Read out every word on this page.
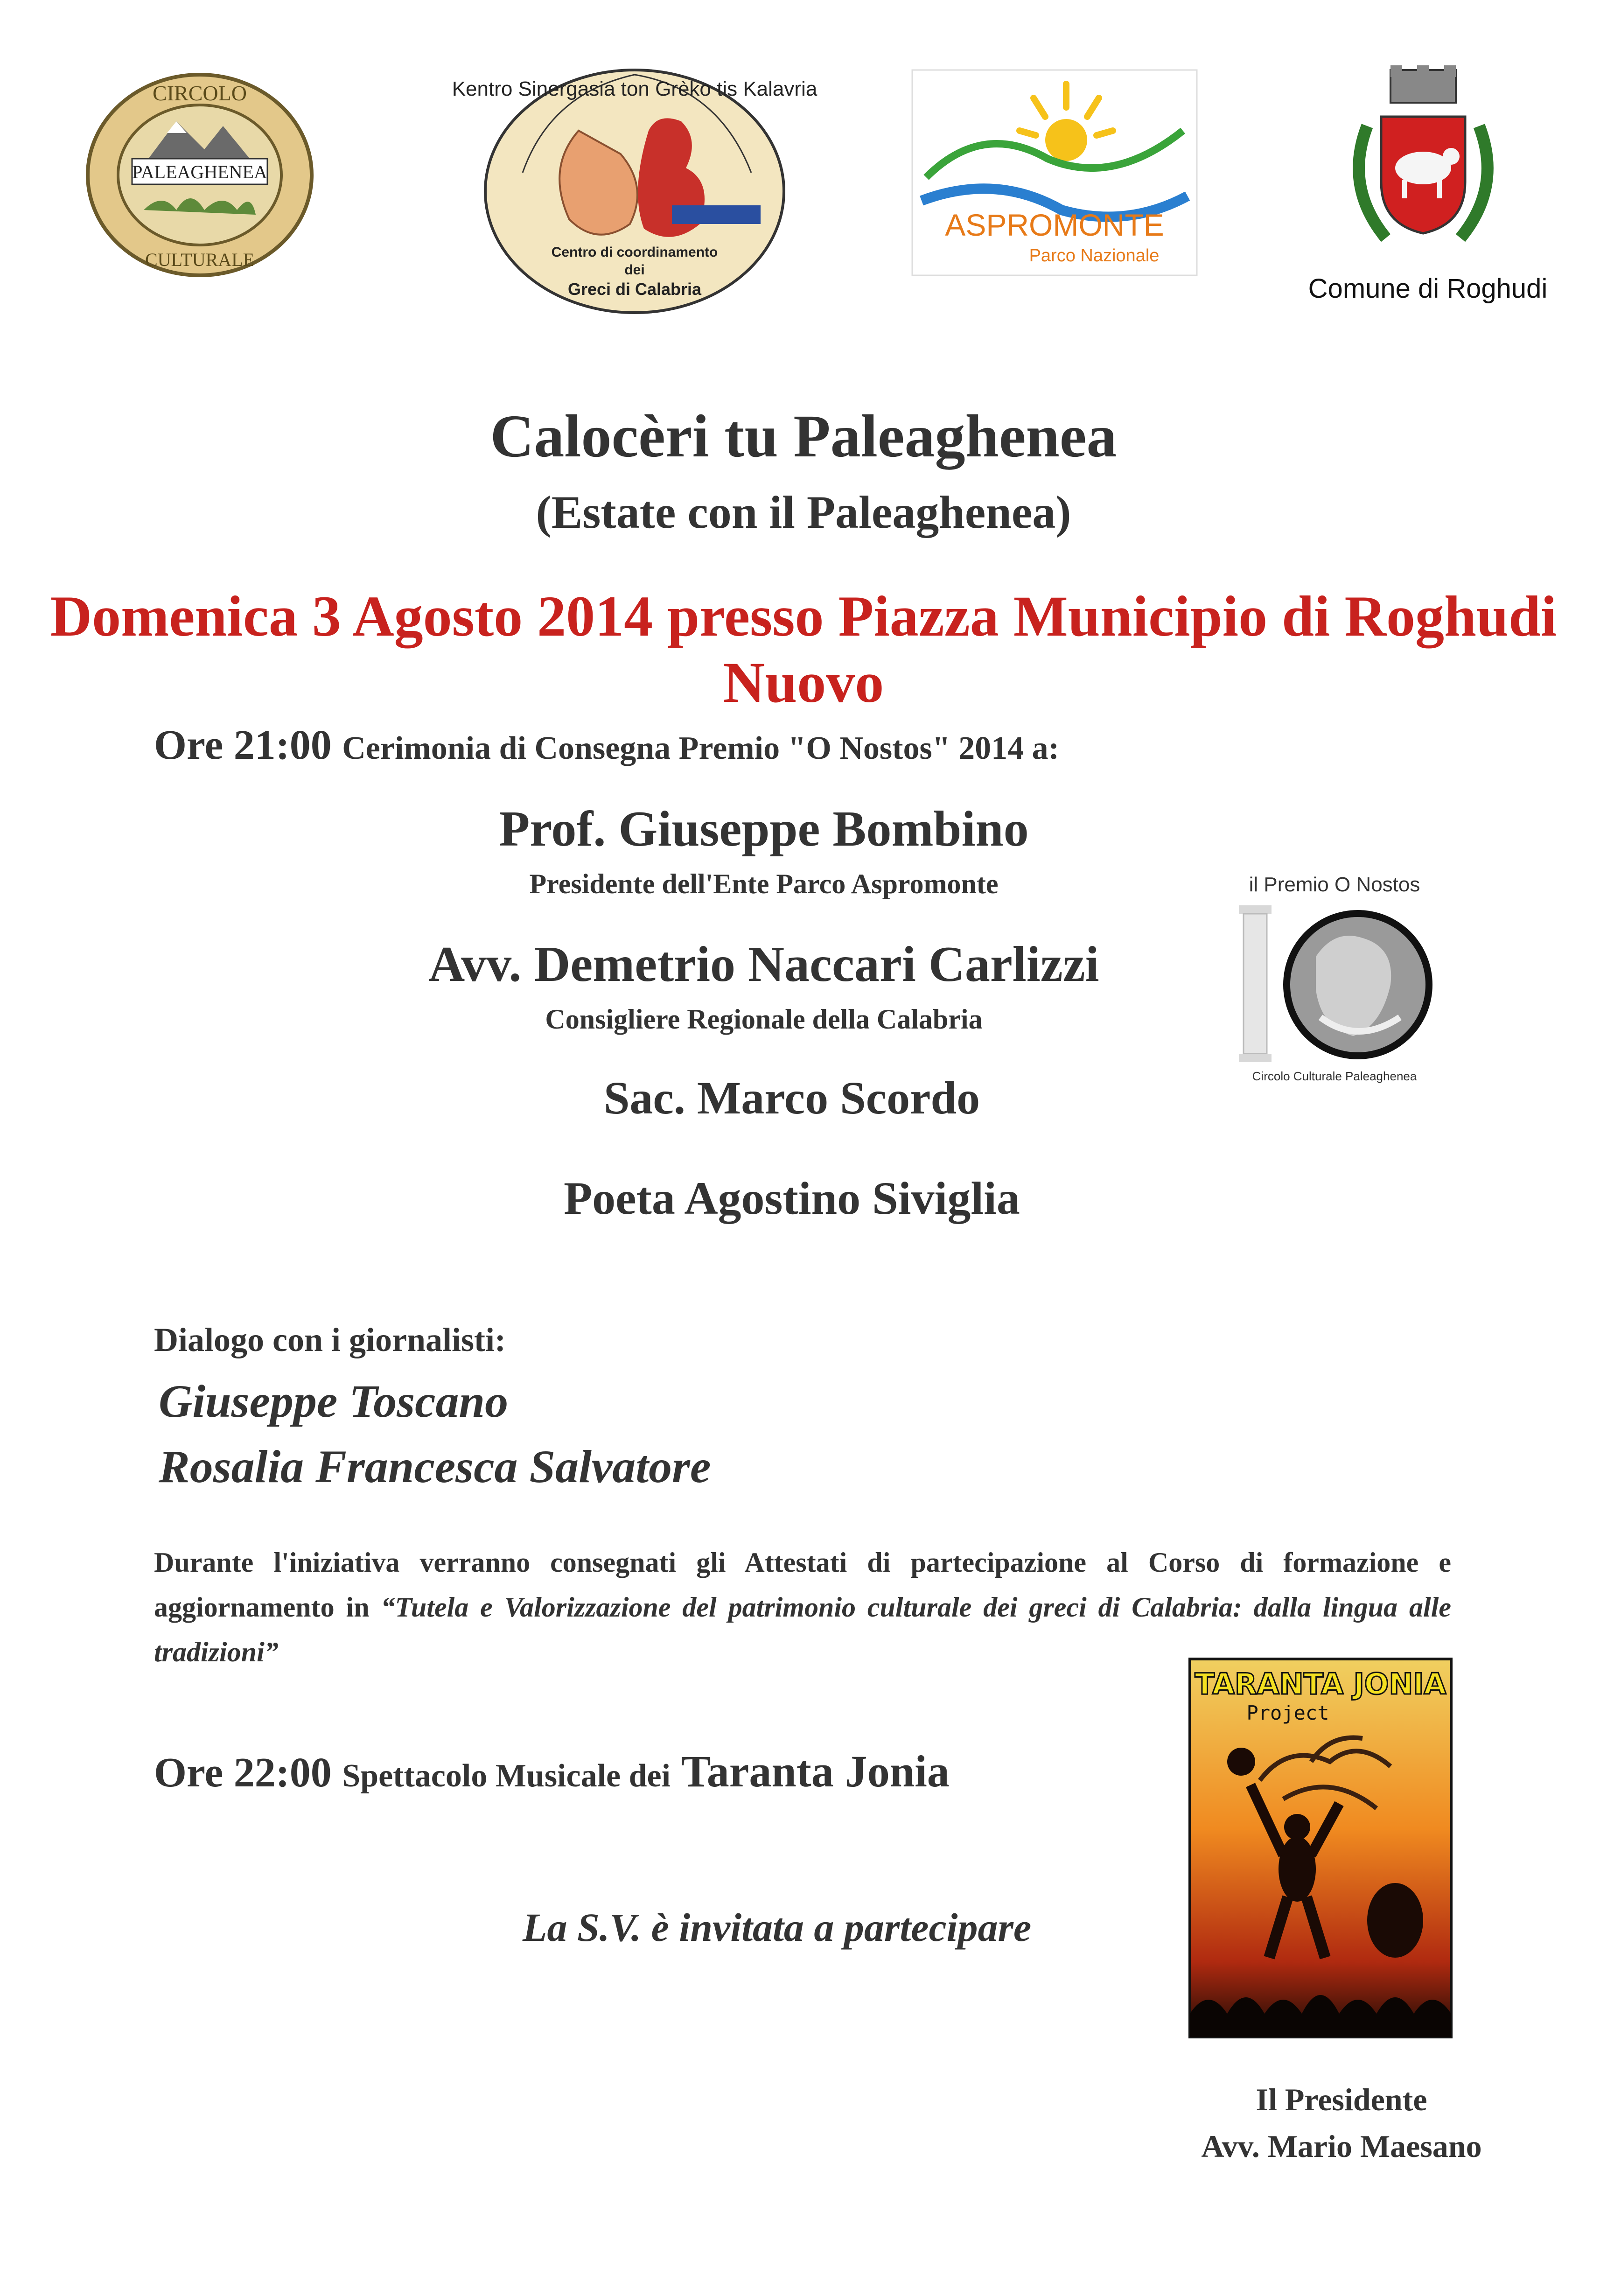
PALEAGHENEA
CIRCOLO
CULTURALE
Kentro Sinergasia ton Grèko tis Kalavria
Centro di coordinamento
dei
Greci di Calabria
ASPROMONTE
Parco Nazionale
Comune di Roghudi
Calocèri tu Paleaghenea
(Estate con il Paleaghenea)
Domenica 3 Agosto 2014 presso Piazza Municipio di Roghudi Nuovo
Ore 21:00 Cerimonia di Consegna Premio "O Nostos" 2014 a:
Prof. Giuseppe Bombino
Presidente dell'Ente Parco Aspromonte
Avv. Demetrio Naccari Carlizzi
Consigliere Regionale della Calabria
Sac. Marco Scordo
Poeta Agostino Siviglia
il Premio O Nostos
Circolo Culturale Paleaghenea
Dialogo con i giornalisti:
Giuseppe Toscano
Rosalia Francesca Salvatore
Durante l'iniziativa verranno consegnati gli Attestati di partecipazione al Corso di formazione e aggiornamento in “Tutela e Valorizzazione del patrimonio culturale dei greci di Calabria: dalla lingua alle tradizioni”
Ore 22:00 Spettacolo Musicale dei Taranta Jonia
TARANTA JONIA
Project
La S.V. è invitata a partecipare
Il Presidente
Avv. Mario Maesano
